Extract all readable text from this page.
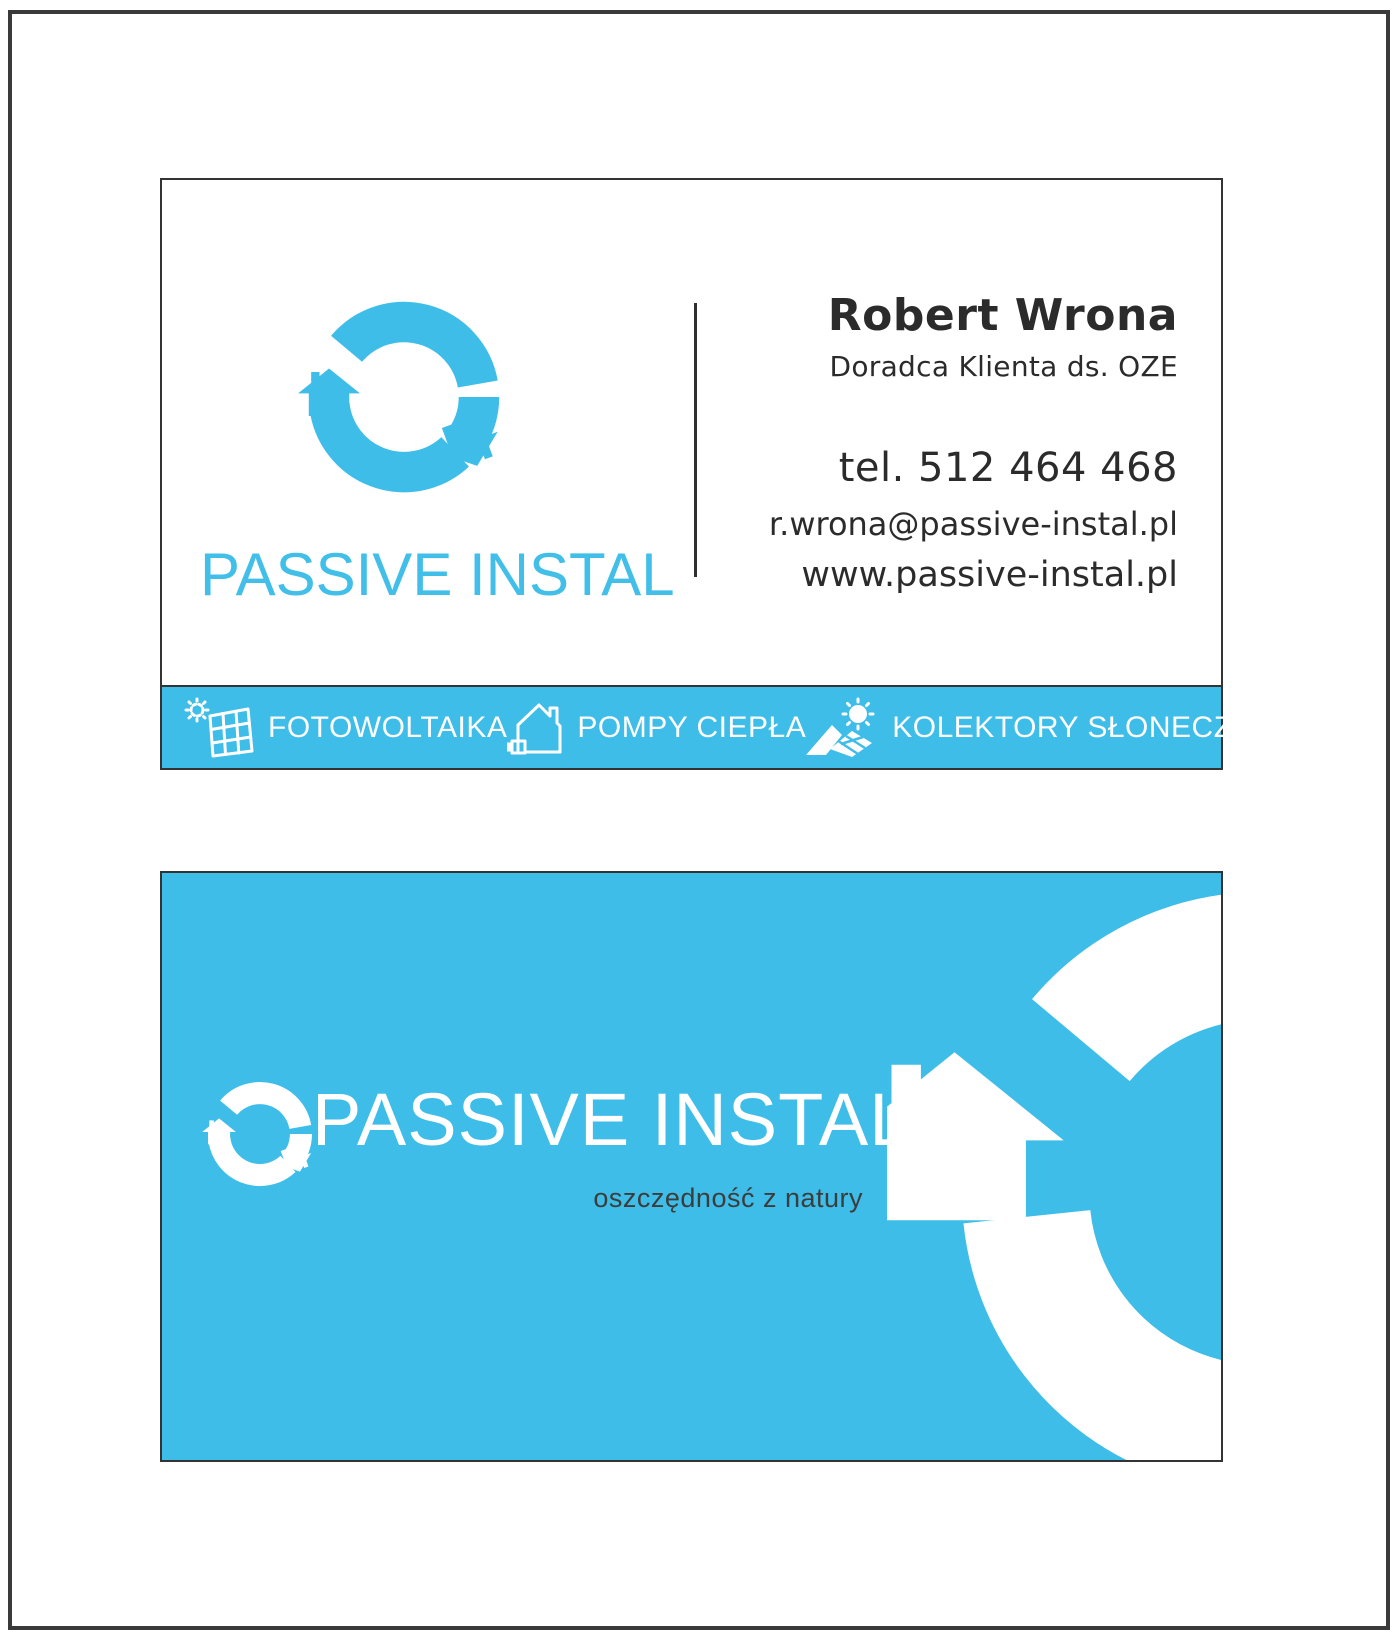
PASSIVE INSTAL
Robert Wrona
Doradca Klienta ds. OZE
tel. 512 464 468
r.wrona@passive-instal.pl
www.passive-instal.pl
FOTOWOLTAIKA POMPY CIEPŁA	KOLEKTORY SŁONECZNE
PASSIVE INSTAL
oszczędność z natury
